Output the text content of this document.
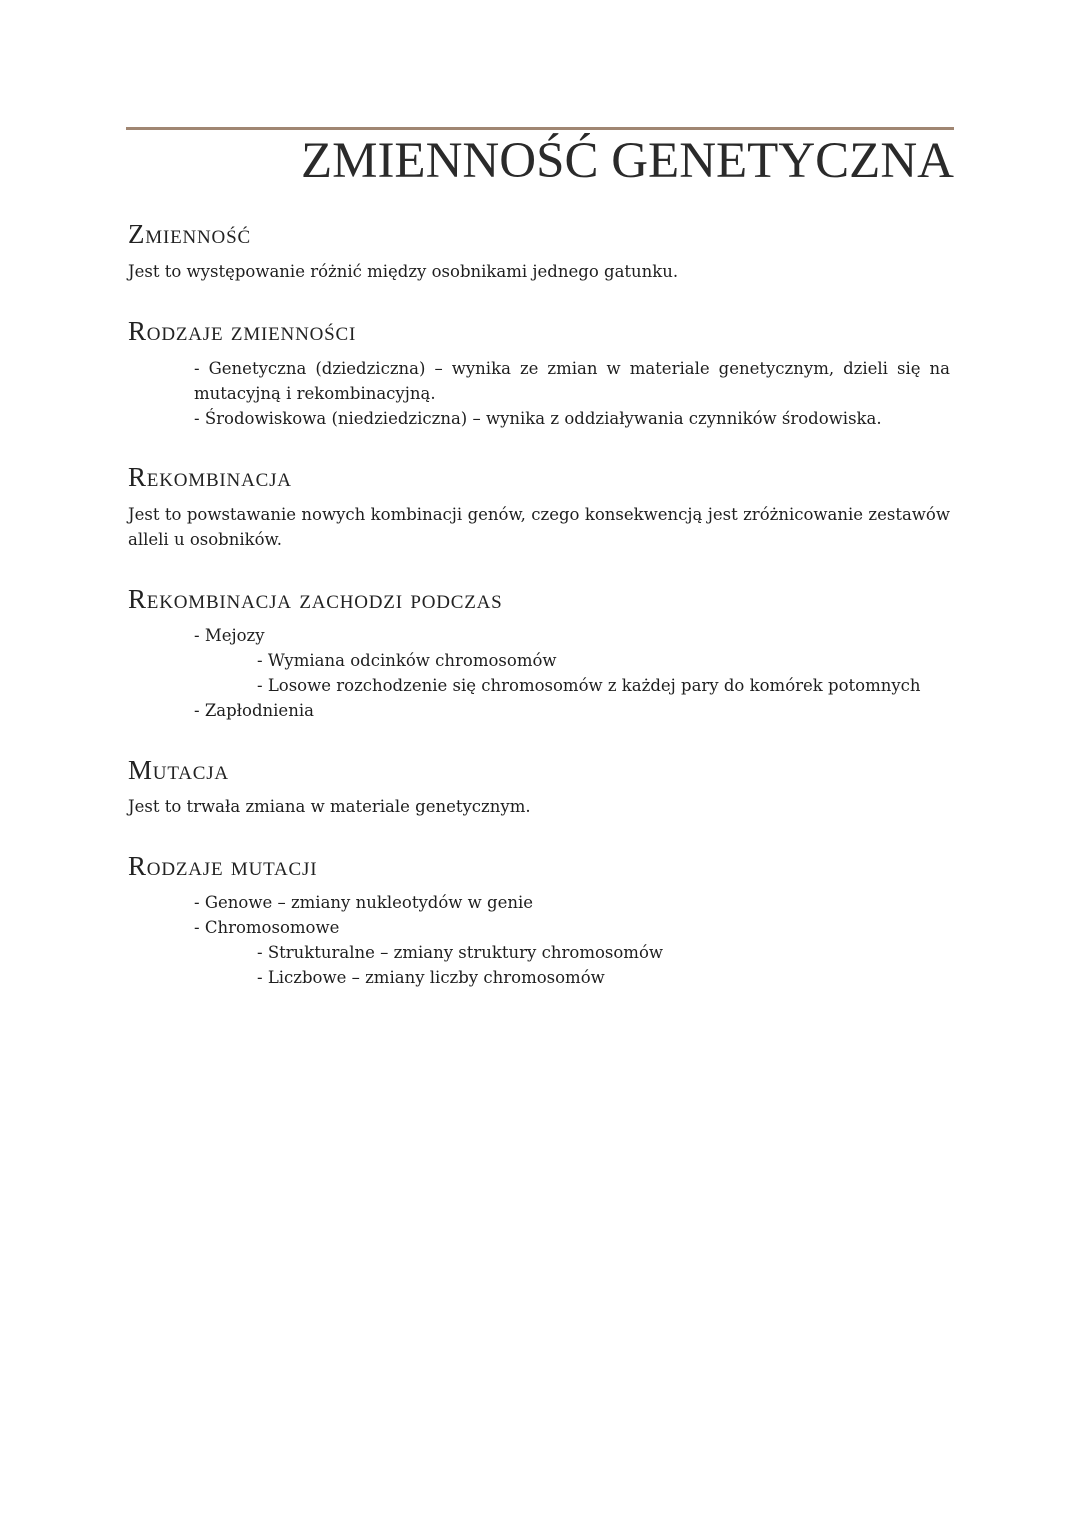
ZMIENNOŚĆ GENETYCZNA
Zmienność

Jest to występowanie różnić między osobnikami jednego gatunku.

Rodzaje zmienności

- Genetyczna (dziedziczna) – wynika ze zmian w materiale genetycznym, dzieli się na mutacyjną i rekombinacyjną.

- Środowiskowa (niedziedziczna) – wynika z oddziaływania czynników środowiska.

Rekombinacja

Jest to powstawanie nowych kombinacji genów, czego konsekwencją jest zróżnicowanie zestawów alleli u osobników.

Rekombinacja zachodzi podczas

- Mejozy

- Wymiana odcinków chromosomów

- Losowe rozchodzenie się chromosomów z każdej pary do komórek potomnych

- Zapłodnienia

Mutacja

Jest to trwała zmiana w materiale genetycznym.

Rodzaje mutacji

- Genowe – zmiany nukleotydów w genie

- Chromosomowe

- Strukturalne – zmiany struktury chromosomów

- Liczbowe – zmiany liczby chromosomów
